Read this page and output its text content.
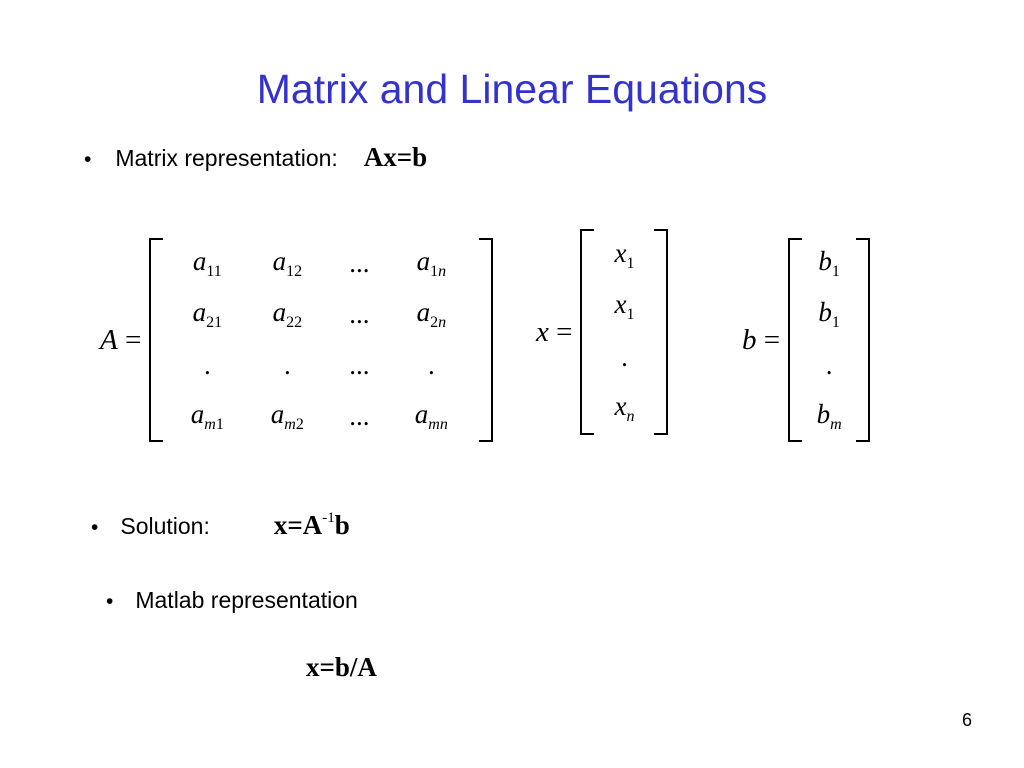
Matrix and Linear Equations
• Matrix representation: Ax=b
A =
$a_{11}$ $a_{12}$ ... $a_{1n}$
$a_{21}$ $a_{22}$ ... $a_{2n}$
.	. ... .
$a_{m1}$ $a_{m2}$ ... $a_{mn}$
x =
$x_1$
$x_1$
.
$x_n$
b =
$b_1$
$b_1$
.
$b_m$
• Solution: $x=A^{-1}b$
• Matlab representation
x=b/A
6
